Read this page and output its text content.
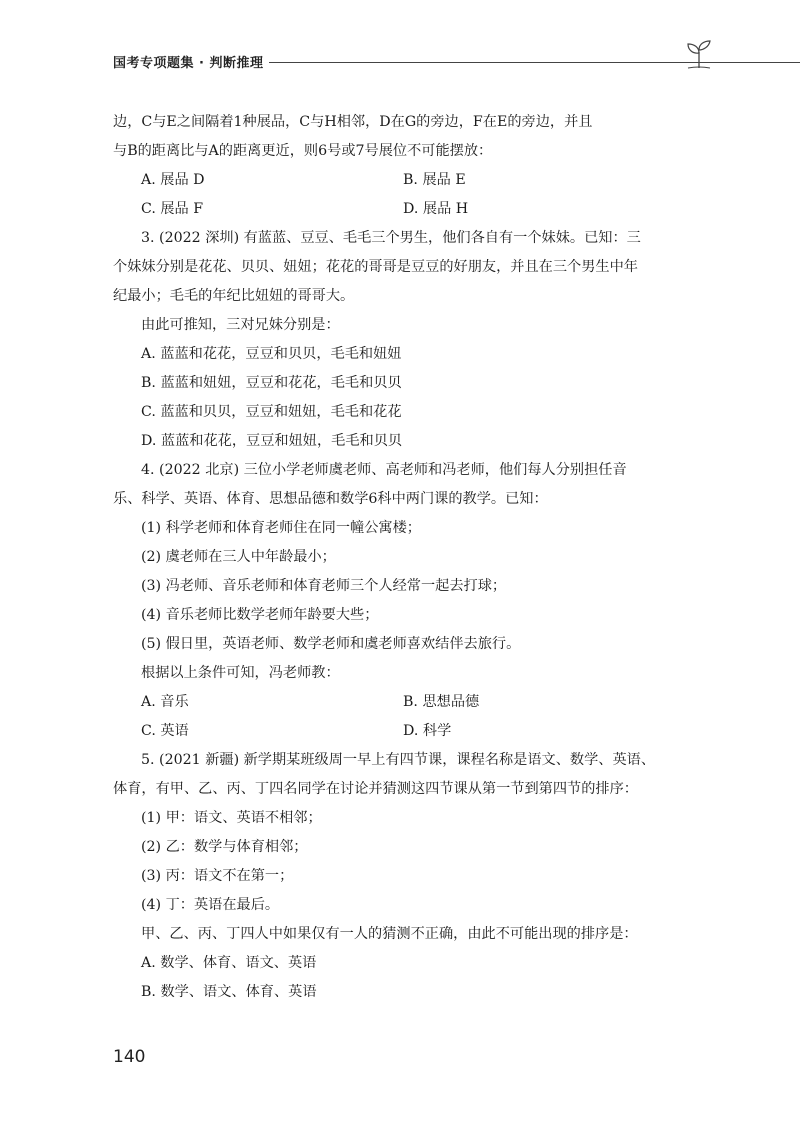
国考专项题集 · 判断推理
边，C与E之间隔着1种展品，C与H相邻，D在G的旁边，F在E的旁边，并且
与B的距离比与A的距离更近，则6号或7号展位不可能摆放：
A. 展品 D	B. 展品 E
C. 展品 F	D. 展品 H
3. (2022 深圳) 有蓝蓝、豆豆、毛毛三个男生，他们各自有一个妹妹。已知：三
个妹妹分别是花花、贝贝、妞妞；花花的哥哥是豆豆的好朋友，并且在三个男生中年
纪最小；毛毛的年纪比妞妞的哥哥大。
由此可推知，三对兄妹分别是：
A. 蓝蓝和花花，豆豆和贝贝，毛毛和妞妞
B. 蓝蓝和妞妞，豆豆和花花，毛毛和贝贝
C. 蓝蓝和贝贝，豆豆和妞妞，毛毛和花花
D. 蓝蓝和花花，豆豆和妞妞，毛毛和贝贝
4. (2022 北京) 三位小学老师虞老师、高老师和冯老师，他们每人分别担任音
乐、科学、英语、体育、思想品德和数学6科中两门课的教学。已知：
(1) 科学老师和体育老师住在同一幢公寓楼；
(2) 虞老师在三人中年龄最小；
(3) 冯老师、音乐老师和体育老师三个人经常一起去打球；
(4) 音乐老师比数学老师年龄要大些；
(5) 假日里，英语老师、数学老师和虞老师喜欢结伴去旅行。
根据以上条件可知，冯老师教：
A. 音乐	B. 思想品德
C. 英语	D. 科学
5. (2021 新疆) 新学期某班级周一早上有四节课，课程名称是语文、数学、英语、
体育，有甲、乙、丙、丁四名同学在讨论并猜测这四节课从第一节到第四节的排序：
(1) 甲：语文、英语不相邻；
(2) 乙：数学与体育相邻；
(3) 丙：语文不在第一；
(4) 丁：英语在最后。
甲、乙、丙、丁四人中如果仅有一人的猜测不正确，由此不可能出现的排序是：
A. 数学、体育、语文、英语
B. 数学、语文、体育、英语
140
